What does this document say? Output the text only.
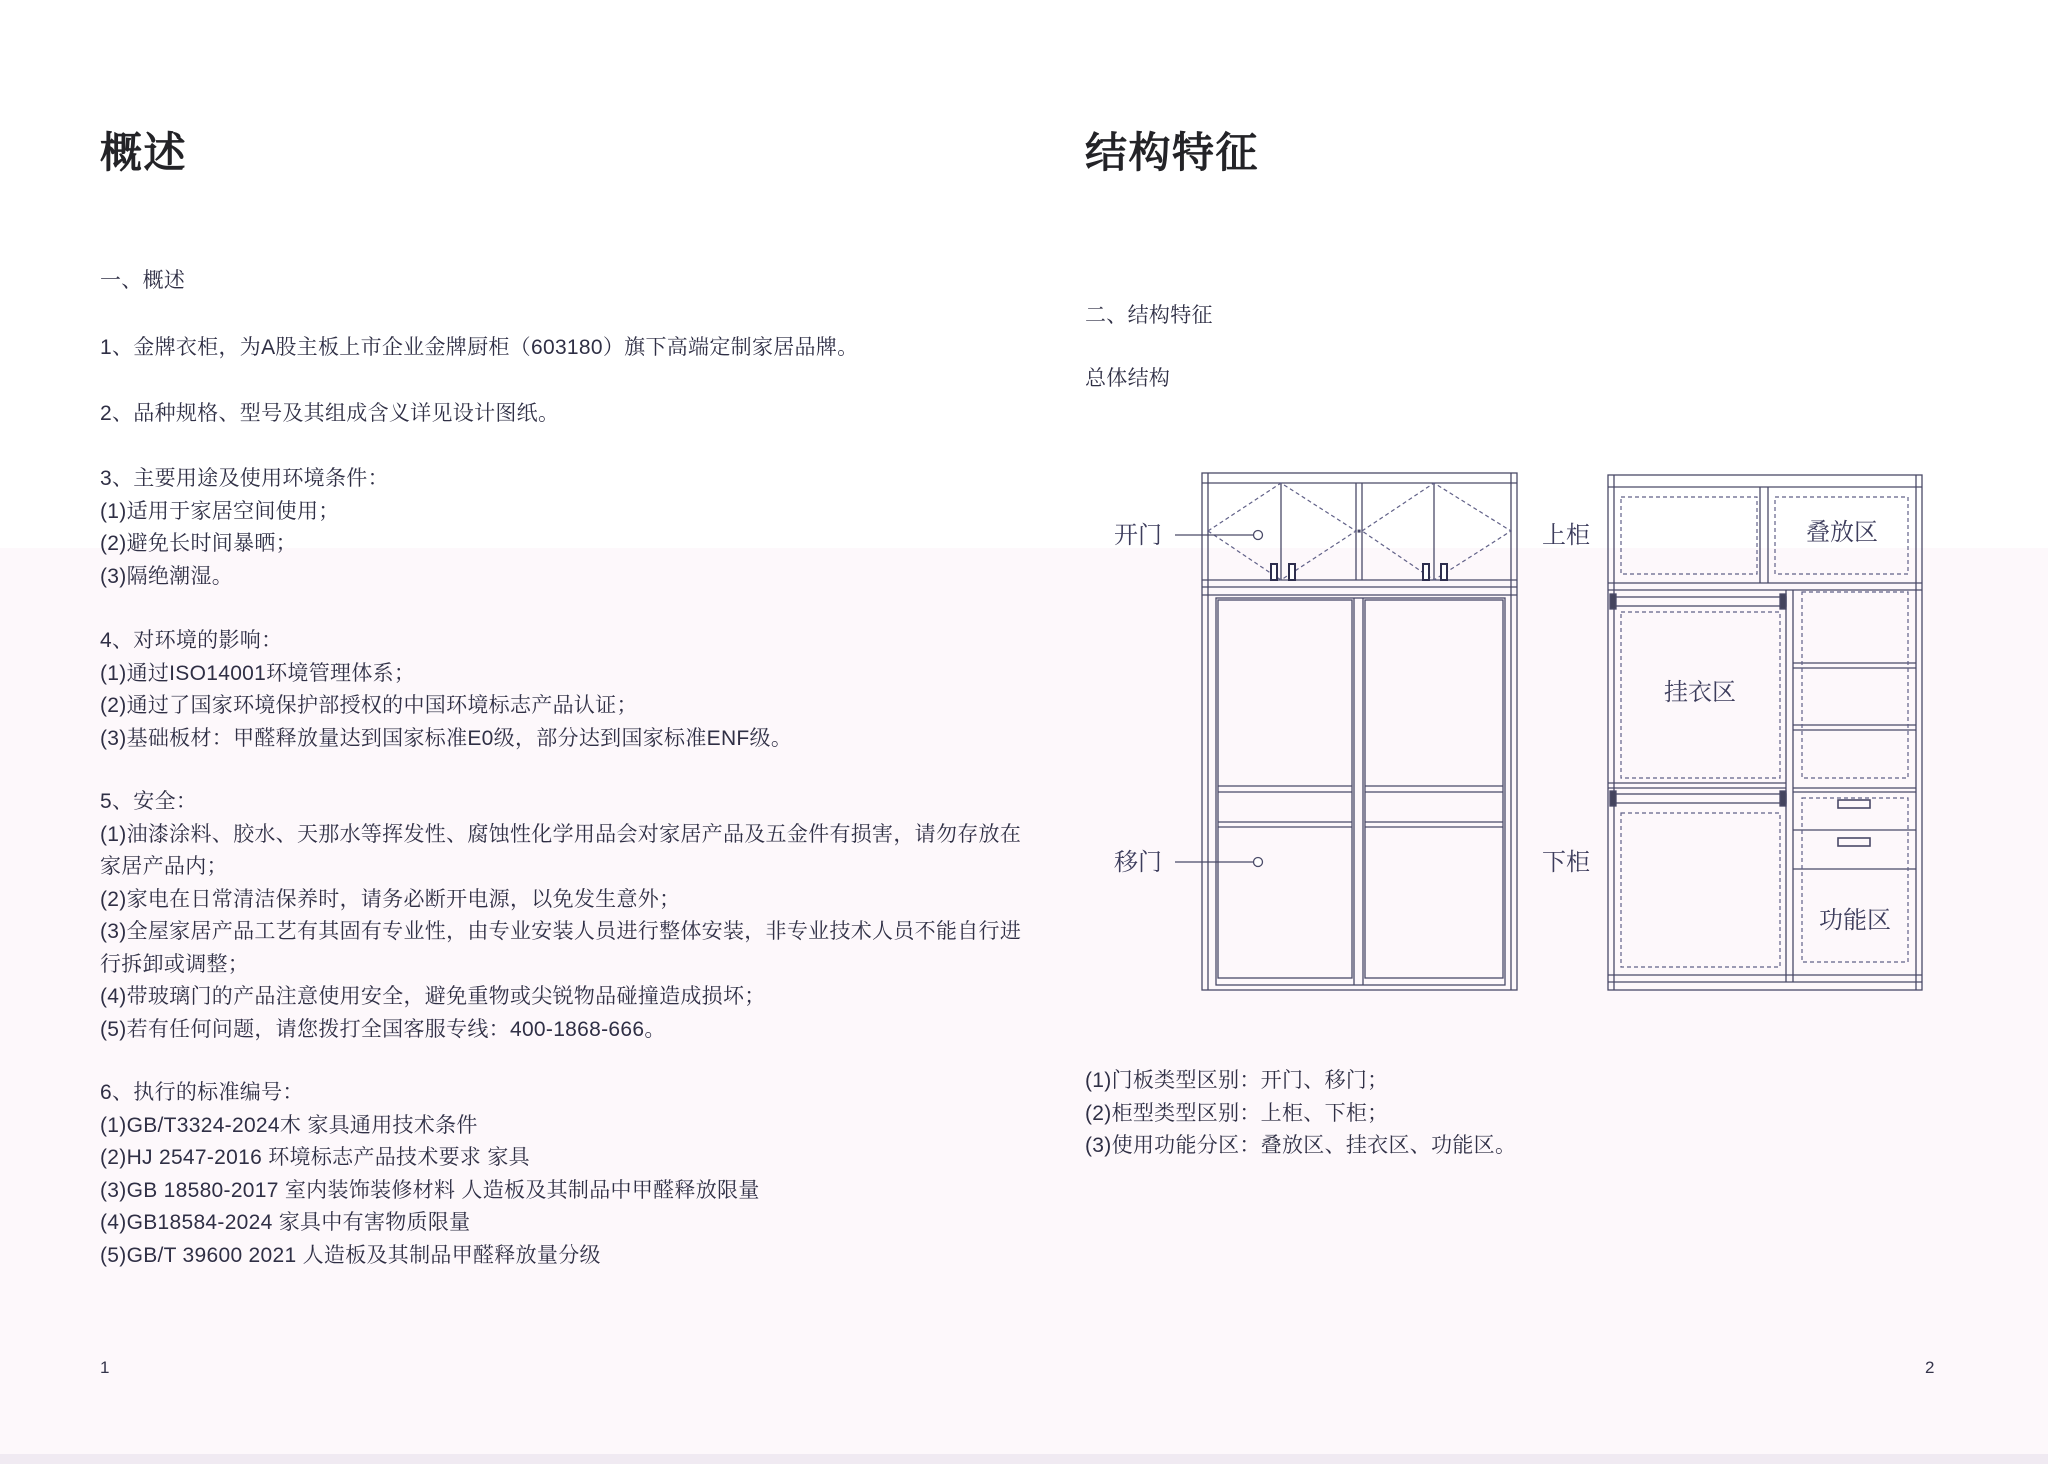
概述

一、概述

1、金牌衣柜，为A股主板上市企业金牌厨柜（603180）旗下高端定制家居品牌。

2、品种规格、型号及其组成含义详见设计图纸。

3、主要用途及使用环境条件：

(1)适用于家居空间使用；

(2)避免长时间暴晒；

(3)隔绝潮湿。

4、对环境的影响：

(1)通过ISO14001环境管理体系；

(2)通过了国家环境保护部授权的中国环境标志产品认证；

(3)基础板材：甲醛释放量达到国家标准E0级，部分达到国家标准ENF级。

5、安全：

(1)油漆涂料、胶水、天那水等挥发性、腐蚀性化学用品会对家居产品及五金件有损害，请勿存放在

家居产品内；

(2)家电在日常清洁保养时，请务必断开电源，以免发生意外；

(3)全屋家居产品工艺有其固有专业性，由专业安装人员进行整体安装，非专业技术人员不能自行进

行拆卸或调整；

(4)带玻璃门的产品注意使用安全，避免重物或尖锐物品碰撞造成损坏；

(5)若有任何问题，请您拨打全国客服专线：400-1868-666。

6、执行的标准编号：

(1)GB/T3324-2024木 家具通用技术条件

(2)HJ 2547-2016 环境标志产品技术要求 家具

(3)GB 18580-2017 室内装饰装修材料 人造板及其制品中甲醛释放限量

(4)GB18584-2024 家具中有害物质限量

(5)GB/T 39600 2021 人造板及其制品甲醛释放量分级

1
结构特征

二、结构特征

总体结构

开门
移门
上柜
下柜
叠放区
挂衣区
功能区

(1)门板类型区别：开门、移门；

(2)柜型类型区别：上柜、下柜；

(3)使用功能分区：叠放区、挂衣区、功能区。

2
